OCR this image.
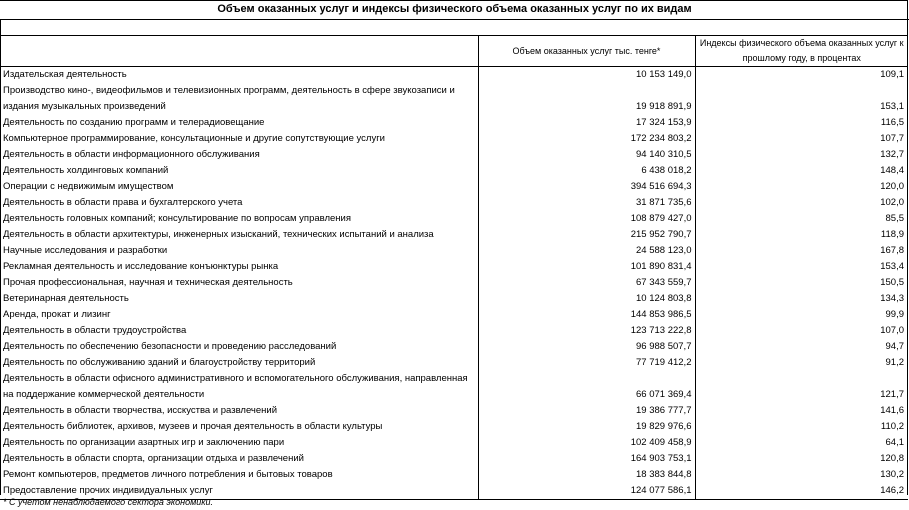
Объем оказанных услуг и индексы физического объема оказанных услуг по их видам
	Объем оказанных услуг тыс. тенге*	Индексы физического объема оказанных услуг к прошлому году, в процентах
Издательская деятельность	10 153 149,0	109,1
Производство кино-, видеофильмов и телевизионных программ, деятельность в сфере звукозаписи и издания музыкальных произведений	19 918 891,9	153,1
Деятельность по созданию программ и телерадиовещание	17 324 153,9	116,5
Компьютерное программирование, консультационные и другие сопутствующие услуги	172 234 803,2	107,7
Деятельность в области информационного обслуживания	94 140 310,5	132,7
Деятельность холдинговых компаний	6 438 018,2	148,4
Операции с недвижимым имуществом	394 516 694,3	120,0
Деятельность в области права и бухгалтерского учета	31 871 735,6	102,0
Деятельность головных компаний; консультирование по вопросам управления	108 879 427,0	85,5
Деятельность в области архитектуры, инженерных изысканий, технических испытаний и анализа	215 952 790,7	118,9
Научные исследования и разработки	24 588 123,0	167,8
Рекламная деятельность и исследование конъюнктуры рынка	101 890 831,4	153,4
Прочая профессиональная, научная и техническая деятельность	67 343 559,7	150,5
Ветеринарная деятельность	10 124 803,8	134,3
Аренда, прокат и лизинг	144 853 986,5	99,9
Деятельность в области трудоустройства	123 713 222,8	107,0
Деятельность по обеспечению безопасности и проведению расследований	96 988 507,7	94,7
Деятельность по обслуживанию зданий и благоустройству территорий	77 719 412,2	91,2
Деятельность в области офисного административного и вспомогательного обслуживания, направленная на поддержание коммерческой деятельности	66 071 369,4	121,7
Деятельность в области творчества, исскуства и развлечений	19 386 777,7	141,6
Деятельность библиотек, архивов, музеев и прочая деятельность в области культуры	19 829 976,6	110,2
Деятельность по организации азартных игр и заключению пари	102 409 458,9	64,1
Деятельность в области спорта, организации отдыха и развлечений	164 903 753,1	120,8
Ремонт компьютеров, предметов личного потребления и бытовых товаров	18 383 844,8	130,2
Предоставление прочих индивидуальных услуг	124 077 586,1	146,2
* С учетом ненаблюдаемого сектора экономики.
